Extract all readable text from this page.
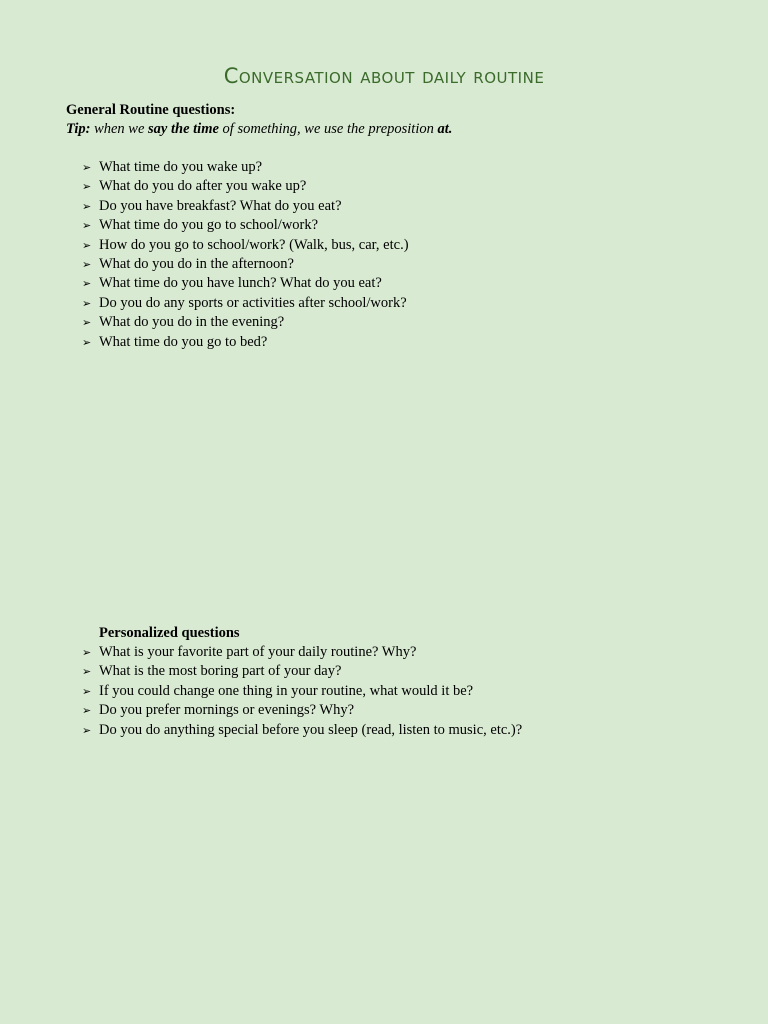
Conversation about daily routine
General Routine questions:
Tip: when we say the time of something, we use the preposition at.
➢ What time do you wake up?
➢ What do you do after you wake up?
➢ Do you have breakfast? What do you eat?
➢ What time do you go to school/work?
➢ How do you go to school/work? (Walk, bus, car, etc.)
➢ What do you do in the afternoon?
➢ What time do you have lunch? What do you eat?
➢ Do you do any sports or activities after school/work?
➢ What do you do in the evening?
➢ What time do you go to bed?
Personalized questions
➢ What is your favorite part of your daily routine? Why?
➢ What is the most boring part of your day?
➢ If you could change one thing in your routine, what would it be?
➢ Do you prefer mornings or evenings? Why?
➢ Do you do anything special before you sleep (read, listen to music, etc.)?
